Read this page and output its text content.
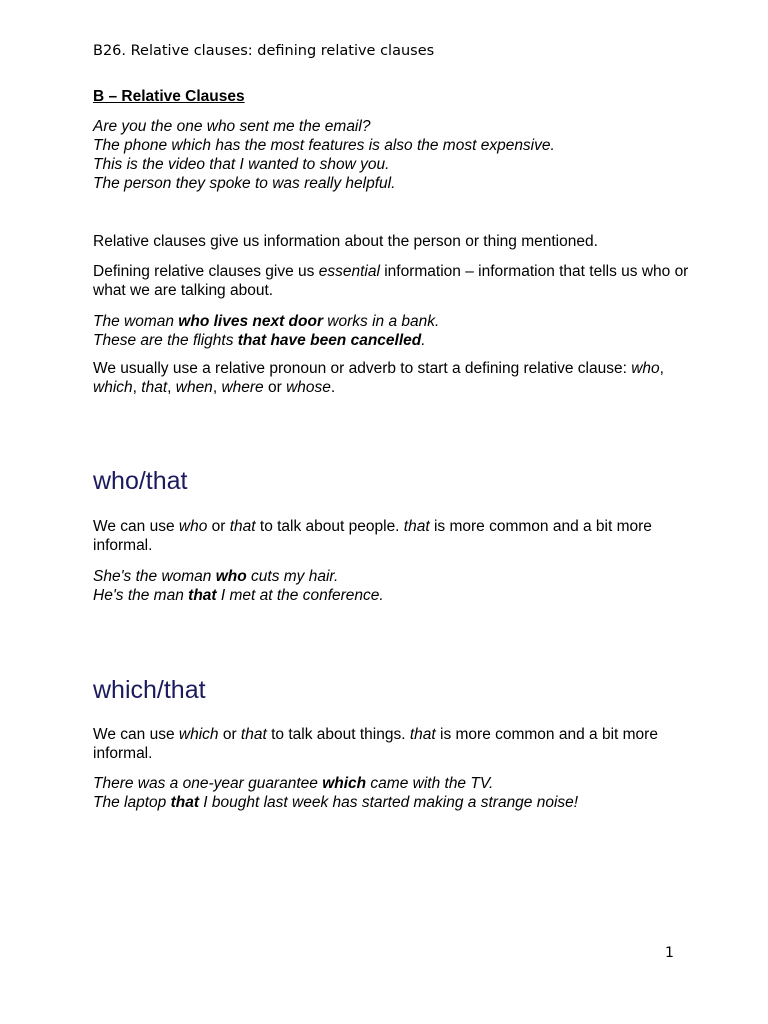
B26. Relative clauses: defining relative clauses
B – Relative Clauses

Are you the one who sent me the email?

The phone which has the most features is also the most expensive.

This is the video that I wanted to show you.

The person they spoke to was really helpful.

Relative clauses give us information about the person or thing mentioned.

Defining relative clauses give us essential information – information that tells us who or what we are talking about.

The woman who lives next door works in a bank.

These are the flights that have been cancelled.

We usually use a relative pronoun or adverb to start a defining relative clause: who, which, that, when, where or whose.

who/that

We can use who or that to talk about people. that is more common and a bit more informal.

She's the woman who cuts my hair.

He's the man that I met at the conference.

which/that

We can use which or that to talk about things. that is more common and a bit more informal.

There was a one-year guarantee which came with the TV.

The laptop that I bought last week has started making a strange noise!

1
